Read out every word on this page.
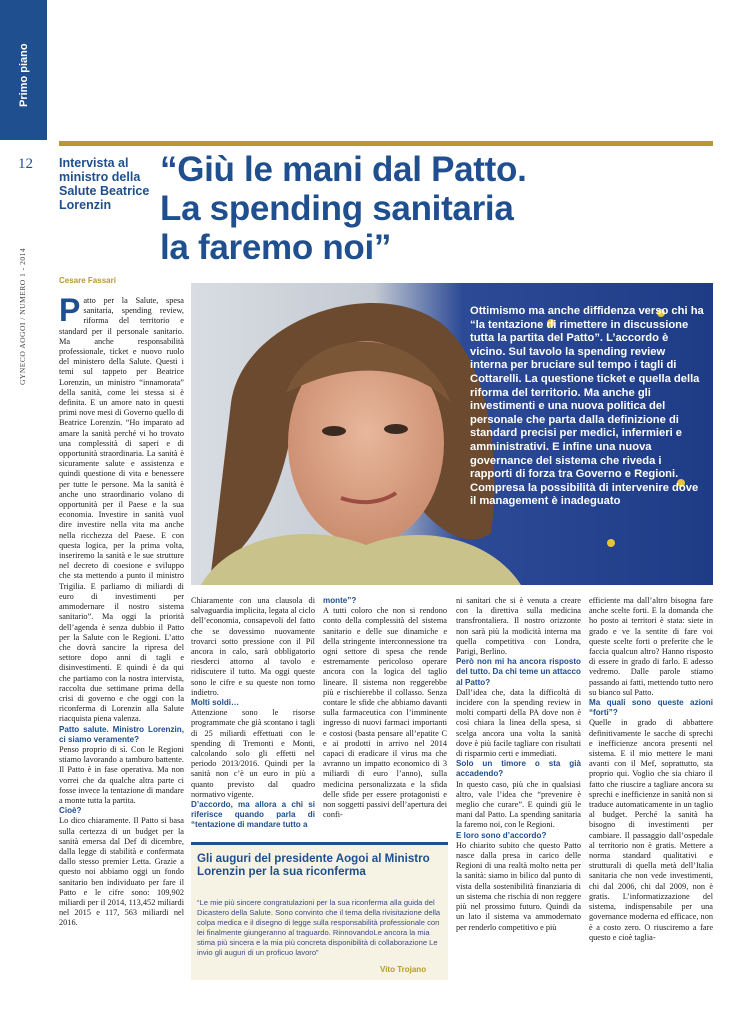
Primo piano
12
GYNECO AOGOI / NUMERO 1 - 2014
Intervista al ministro della Salute Beatrice Lorenzin
“Giù le mani dal Patto.
La spending sanitaria
la faremo noi”
Cesare Fassari
Ottimismo ma anche diffidenza verso chi ha “la tentazione di rimettere in discussione tutta la partita del Patto”. L’accordo è vicino. Sul tavolo la spending review interna per bruciare sul tempo i tagli di Cottarelli. La questione ticket e quella della riforma del territorio. Ma anche gli investimenti e una nuova politica del personale che parta dalla definizione di standard precisi per medici, infermieri e amministrativi. E infine una nuova governance del sistema che riveda i rapporti di forza tra Governo e Regioni. Compresa la possibilità di intervenire dove il management è inadeguato
P atto per la Salute, spesa sanitaria, spending review, riforma del territorio e standard per il personale sanitario. Ma anche responsabilità professionale, ticket e nuovo ruolo del ministero della Salute. Questi i temi sul tappeto per Beatrice Lorenzin, un ministro “innamorata” della sanità, come lei stessa si è definita. E un amore nato in questi primi nove mesi di Governo quello di Beatrice Lorenzin. “Ho imparato ad amare la sanità perché vi ho trovato una complessità di saperi e di opportunità straordinaria. La sanità è sicuramente salute e assistenza e quindi questione di vita e benessere per tutte le persone. Ma la sanità è anche uno straordinario volano di opportunità per il Paese e la sua economia. Investire in sanità vuol dire investire nella vita ma anche nella ricchezza del Paese. E con questa logica, per la prima volta, inseriremo la sanità e le sue strutture nel decreto di coesione e sviluppo che sta mettendo a punto il ministro Trigilia. E parliamo di miliardi di euro di investimenti per ammodernare il nostro sistema sanitario”. Ma oggi la priorità dell’agenda è senza dubbio il Patto per la Salute con le Regioni. L’atto che dovrà sancire la ripresa del settore dopo anni di tagli e disinvestimenti. E quindi è da qui che partiamo con la nostra intervista, raccolta due settimane prima della crisi di governo e che oggi con la riconferma di Lorenzin alla Salute riacquista piena valenza.

Patto salute. Ministro Lorenzin, ci siamo veramente?

Penso proprio di sì. Con le Regioni stiamo lavorando a tamburo battente. Il Patto è in fase operativa. Ma non vorrei che da qualche altra parte ci fosse invece la tentazione di mandare a monte tutta la partita.

Cioè?

Lo dico chiaramente. Il Patto si basa sulla certezza di un budget per la sanità emersa dal Def di dicembre, dalla legge di stabilità e confermata dallo stesso premier Letta. Grazie a questo noi abbiamo oggi un fondo sanitario ben individuato per fare il Patto e le cifre sono: 109,902 miliardi per il 2014, 113,452 miliardi nel 2015 e 117, 563 miliardi nel 2016.

Chiaramente con una clausola di salvaguardia implicita, legata al ciclo dell’economia, consapevoli del fatto che se dovessimo nuovamente trovarci sotto pressione con il Pil ancora in calo, sarà obbligatorio riesderci attorno al tavolo e ridiscutere il tutto. Ma oggi queste sono le cifre e su queste non torno indietro.

Molti soldi…

Attenzione sono le risorse programmate che già scontano i tagli di 25 miliardi effettuati con le spending di Tremonti e Monti, calcolando solo gli effetti nel periodo 2013/2016. Quindi per la sanità non c’è un euro in più a quanto previsto dal quadro normativo vigente.

D’accordo, ma allora a chi si riferisce quando parla di “tentazione di mandare tutto a

monte”?

A tutti coloro che non si rendono conto della complessità del sistema sanitario e delle sue dinamiche e della stringente interconnessione tra ogni settore di spesa che rende estremamente pericoloso operare ancora con la logica del taglio lineare. Il sistema non reggerebbe più e rischierebbe il collasso. Senza contare le sfide che abbiamo davanti sulla farmaceutica con l’imminente ingresso di nuovi farmaci importanti e costosi (basta pensare all’epatite C e ai prodotti in arrivo nel 2014 capaci di eradicare il virus ma che avranno un impatto economico di 3 miliardi di euro l’anno), sulla medicina personalizzata e la sfida delle sfide per essere protagonisti e non soggetti passivi dell’apertura dei confi-

ni sanitari che si è venuta a creare con la direttiva sulla medicina transfrontaliera. Il nostro orizzonte non sarà più la modicità interna ma quella competitiva con Londra, Parigi, Berlino.

Però non mi ha ancora risposto del tutto. Da chi teme un attacco al Patto?

Dall’idea che, data la difficoltà di incidere con la spending review in molti comparti della PA dove non è così chiara la linea della spesa, si scelga ancora una volta la sanità dove è più facile tagliare con risultati di risparmio certi e immediati.

Solo un timore o sta già accadendo?

In questo caso, più che in qualsiasi altro, vale l’idea che “prevenire è meglio che curare”. E quindi giù le mani dal Patto. La spending sanitaria la faremo noi, con le Regioni.

E loro sono d’accordo?

Ho chiarito subito che questo Patto nasce dalla presa in carico delle Regioni di una realtà molto netta per la sanità: siamo in bilico dal punto di vista della sostenibilità finanziaria di un sistema che rischia di non reggere più nel prossimo futuro. Quindi da un lato il sistema va ammodernato per renderlo competitivo e più

efficiente ma dall’altro bisogna fare anche scelte forti. E la domanda che ho posto ai territori è stata: siete in grado e ve la sentite di fare voi queste scelte forti o preferite che le faccia qualcun altro? Hanno risposto di essere in grado di farlo. E adesso vedremo. Dalle parole stiamo passando ai fatti, mettendo tutto nero su bianco sul Patto.

Ma quali sono queste azioni “forti”?

Quelle in grado di abbattere definitivamente le sacche di sprechi e inefficienze ancora presenti nel sistema. E il mio mettere le mani avanti con il Mef, soprattutto, sta proprio qui. Voglio che sia chiaro il fatto che riuscire a tagliare ancora su sprechi e inefficienze in sanità non si traduce automaticamente in un taglio al budget. Perché la sanità ha bisogno di investimenti per cambiare. Il passaggio dall’ospedale al territorio non è gratis. Mettere a norma standard qualitativi e strutturali di quella metà dell’Italia sanitaria che non vede investimenti, chi dal 2006, chi dal 2009, non è gratis. L’informatizzazione del sistema, indispensabile per una governance moderna ed efficace, non è a costo zero. O riusciremo a fare questo e cioè taglia-

Gli auguri del presidente Aogoi al Ministro Lorenzin per la sua riconferma
“Le mie più sincere congratulazioni per la sua riconferma alla guida del Dicastero della Salute. Sono convinto che il tema della rivisitazione della colpa medica e il disegno di legge sulla responsabilità professionale con lei finalmente giungeranno al traguardo. RinnovandoLe ancora la mia stima più sincera e la mia più concreta disponibilità di collaborazione Le invio gli auguri di un proficuo lavoro”
Vito Trojano
